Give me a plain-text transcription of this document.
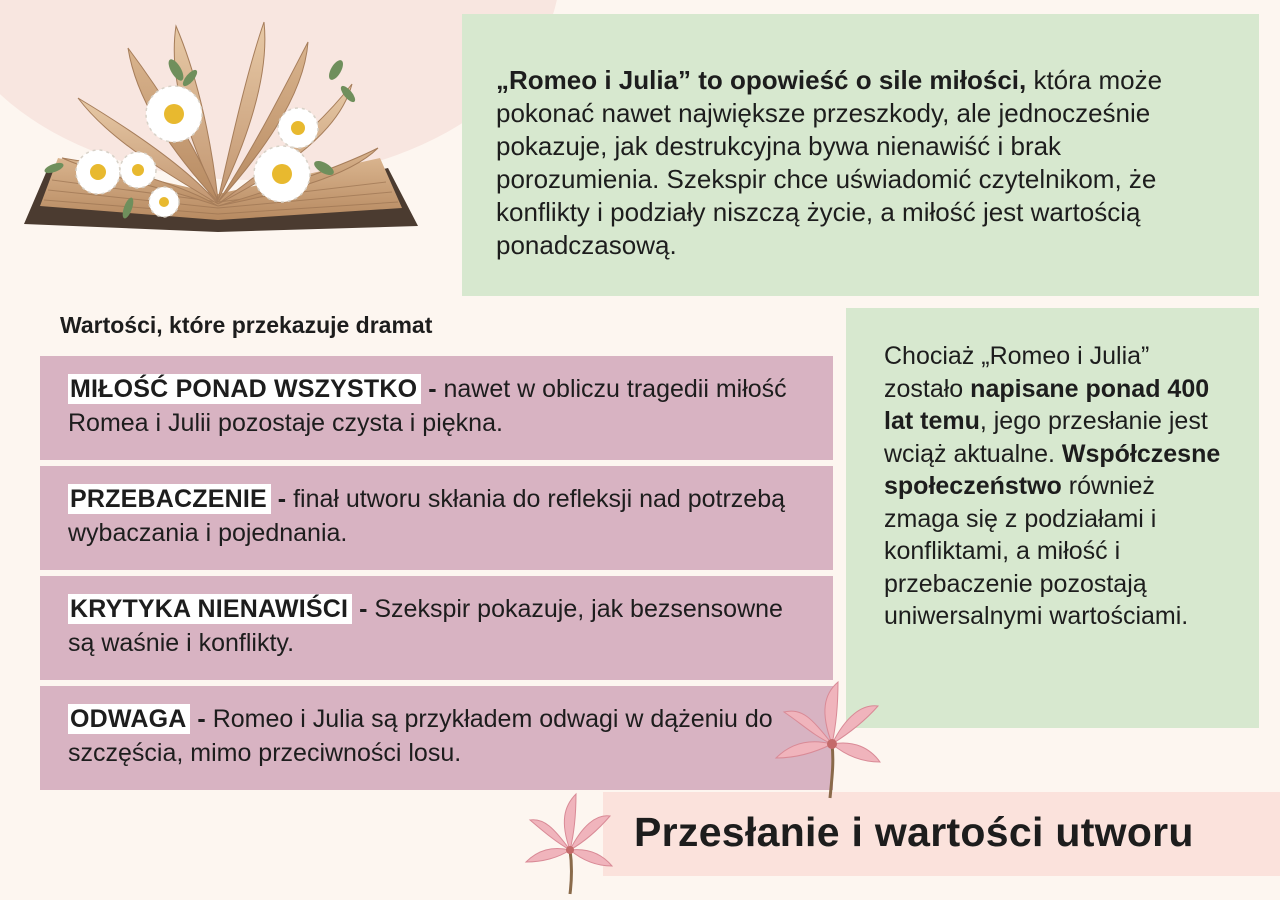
„Romeo i Julia” to opowieść o sile miłości, która może pokonać nawet największe przeszkody, ale jednocześnie pokazuje, jak destrukcyjna bywa nienawiść i brak porozumienia. Szekspir chce uświadomić czytelnikom, że konflikty i podziały niszczą życie, a miłość jest wartością ponadczasową.

Wartości, które przekazuje dramat

MIŁOŚĆ PONAD WSZYSTKO - nawet w obliczu tragedii miłość Romea i Julii pozostaje czysta i piękna.

PRZEBACZENIE - finał utworu skłania do refleksji nad potrzebą wybaczania i pojednania.

KRYTYKA NIENAWIŚCI - Szekspir pokazuje, jak bezsensowne są waśnie i konflikty.

ODWAGA - Romeo i Julia są przykładem odwagi w dążeniu do szczęścia, mimo przeciwności losu.

Chociaż „Romeo i Julia” zostało napisane ponad 400 lat temu, jego przesłanie jest wciąż aktualne. Współczesne społeczeństwo również zmaga się z podziałami i konfliktami, a miłość i przebaczenie pozostają uniwersalnymi wartościami.

Przesłanie i wartości utworu
